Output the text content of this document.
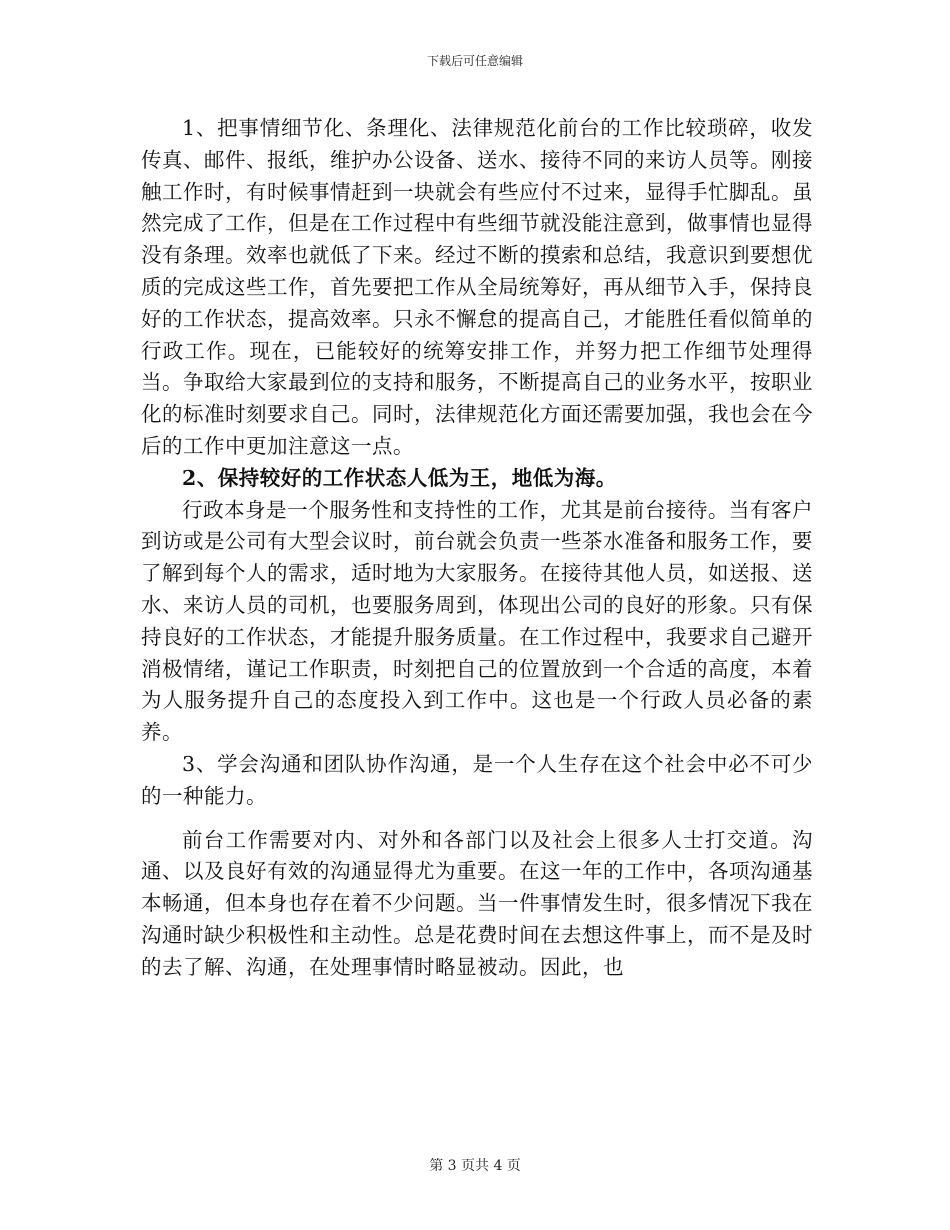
下载后可任意编辑

1、把事情细节化、条理化、法律规范化前台的工作比较琐碎，收发传真、邮件、报纸，维护办公设备、送水、接待不同的来访人员等。刚接触工作时，有时候事情赶到一块就会有些应付不过来，显得手忙脚乱。虽然完成了工作，但是在工作过程中有些细节就没能注意到，做事情也显得没有条理。效率也就低了下来。经过不断的摸索和总结，我意识到要想优质的完成这些工作，首先要把工作从全局统筹好，再从细节入手，保持良好的工作状态，提高效率。只永不懈怠的提高自己，才能胜任看似简单的行政工作。现在，已能较好的统筹安排工作，并努力把工作细节处理得当。争取给大家最到位的支持和服务，不断提高自己的业务水平，按职业化的标准时刻要求自己。同时，法律规范化方面还需要加强，我也会在今后的工作中更加注意这一点。

2、保持较好的工作状态人低为王，地低为海。

行政本身是一个服务性和支持性的工作，尤其是前台接待。当有客户到访或是公司有大型会议时，前台就会负责一些茶水准备和服务工作，要了解到每个人的需求，适时地为大家服务。在接待其他人员，如送报、送水、来访人员的司机，也要服务周到，体现出公司的良好的形象。只有保持良好的工作状态，才能提升服务质量。在工作过程中，我要求自己避开消极情绪，谨记工作职责，时刻把自己的位置放到一个合适的高度，本着为人服务提升自己的态度投入到工作中。这也是一个行政人员必备的素养。

3、学会沟通和团队协作沟通，是一个人生存在这个社会中必不可少的一种能力。

前台工作需要对内、对外和各部门以及社会上很多人士打交道。沟通、以及良好有效的沟通显得尤为重要。在这一年的工作中，各项沟通基本畅通，但本身也存在着不少问题。当一件事情发生时，很多情况下我在沟通时缺少积极性和主动性。总是花费时间在去想这件事上，而不是及时的去了解、沟通，在处理事情时略显被动。因此，也

第 3 页共 4 页
